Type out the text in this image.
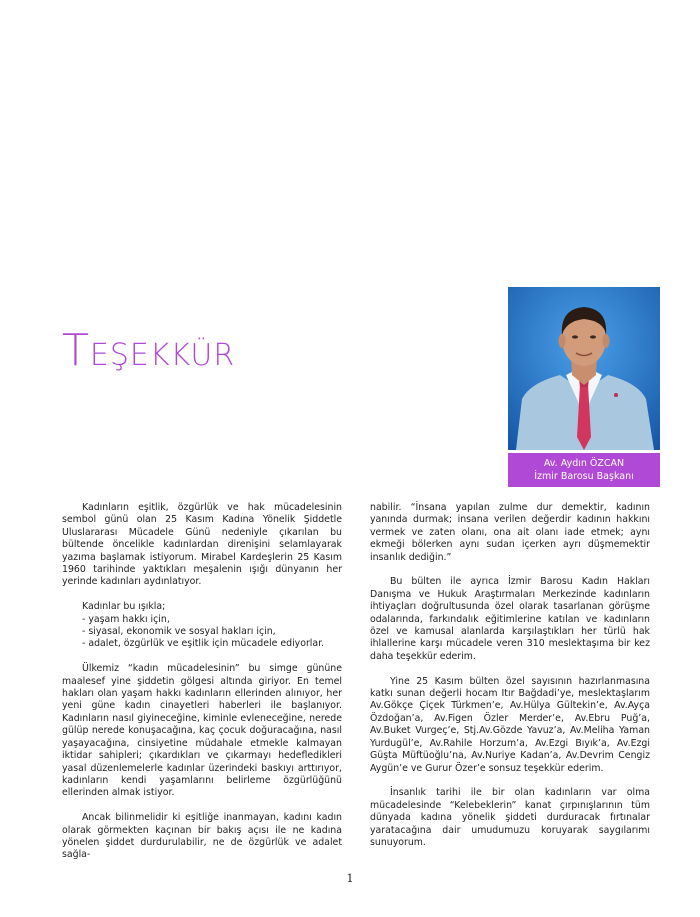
TEŞEKKÜR
Av. Aydın ÖZCAN
İzmir Barosu Başkanı

Kadınların eşitlik, özgürlük ve hak mücadelesinin sembol günü olan 25 Kasım Kadına Yönelik Şiddetle Uluslararası Mücadele Günü nedeniyle çıkarılan bu bültende öncelikle kadınlardan direnişini selamlayarak yazıma başlamak istiyorum. Mirabel Kardeşlerin 25 Kasım 1960 tarihinde yaktıkları meşalenin ışığı dünyanın her yerinde kadınları aydınlatıyor.

Kadınlar bu ışıkla;

- yaşam hakkı için,
- siyasal, ekonomik ve sosyal hakları için,
- adalet, özgürlük ve eşitlik için mücadele ediyorlar.

Ülkemiz “kadın mücadelesinin” bu simge gününe maalesef yine şiddetin gölgesi altında giriyor. En temel hakları olan yaşam hakkı kadınların ellerinden alınıyor, her yeni güne kadın cinayetleri haberleri ile başlanıyor. Kadınların nasıl giyineceğine, kiminle evleneceğine, nerede gülüp nerede konuşacağına, kaç çocuk doğuracağına, nasıl yaşayacağına, cinsiyetine müdahale etmekle kalmayan iktidar sahipleri; çıkardıkları ve çıkarmayı hedefledikleri yasal düzenlemelerle kadınlar üzerindeki baskıyı arttırıyor, kadınların kendi yaşamlarını belirleme özgürlüğünü ellerinden almak istiyor.

Ancak bilinmelidir ki eşitliğe inanmayan, kadını kadın olarak görmekten kaçınan bir bakış açısı ile ne kadına yönelen şiddet durdurulabilir, ne de özgürlük ve adalet sağla-

nabilir. “İnsana yapılan zulme dur demektir, kadının yanında durmak; insana verilen değerdir kadının hakkını vermek ve zaten olanı, ona ait olanı iade etmek; aynı ekmeği bölerken aynı sudan içerken ayrı düşmemektir insanlık dediğin.”

Bu bülten ile ayrıca İzmir Barosu Kadın Hakları Danışma ve Hukuk Araştırmaları Merkezinde kadınların ihtiyaçları doğrultusunda özel olarak tasarlanan görüşme odalarında, farkındalık eğitimlerine katılan ve kadınların özel ve kamusal alanlarda karşılaştıkları her türlü hak ihlallerine karşı mücadele veren 310 meslektaşıma bir kez daha teşekkür ederim.

Yine 25 Kasım bülten özel sayısının hazırlanmasına katkı sunan değerli hocam Itır Bağdadi’ye, meslektaşlarım Av.Gökçe Çiçek Türkmen’e, Av.Hülya Gültekin’e, Av.Ayça Özdoğan’a, Av.Figen Özler Merder’e, Av.Ebru Puğ’a, Av.Buket Vurgeç’e, Stj.Av.Gözde Yavuz’a, Av.Meliha Yaman Yurdugül’e, Av.Rahile Horzum’a, Av.Ezgi Bıyık’a, Av.Ezgi Güşta Müftüoğlu’na, Av.Nuriye Kadan’a, Av.Devrim Cengiz Aygün’e ve Gurur Özer’e sonsuz teşekkür ederim.

İnsanlık tarihi ile bir olan kadınların var olma mücadelesinde “Kelebeklerin” kanat çırpınışlarının tüm dünyada kadına yönelik şiddeti durduracak fırtınalar yaratacağına dair umudumuzu koruyarak saygılarımı sunuyorum.

1
